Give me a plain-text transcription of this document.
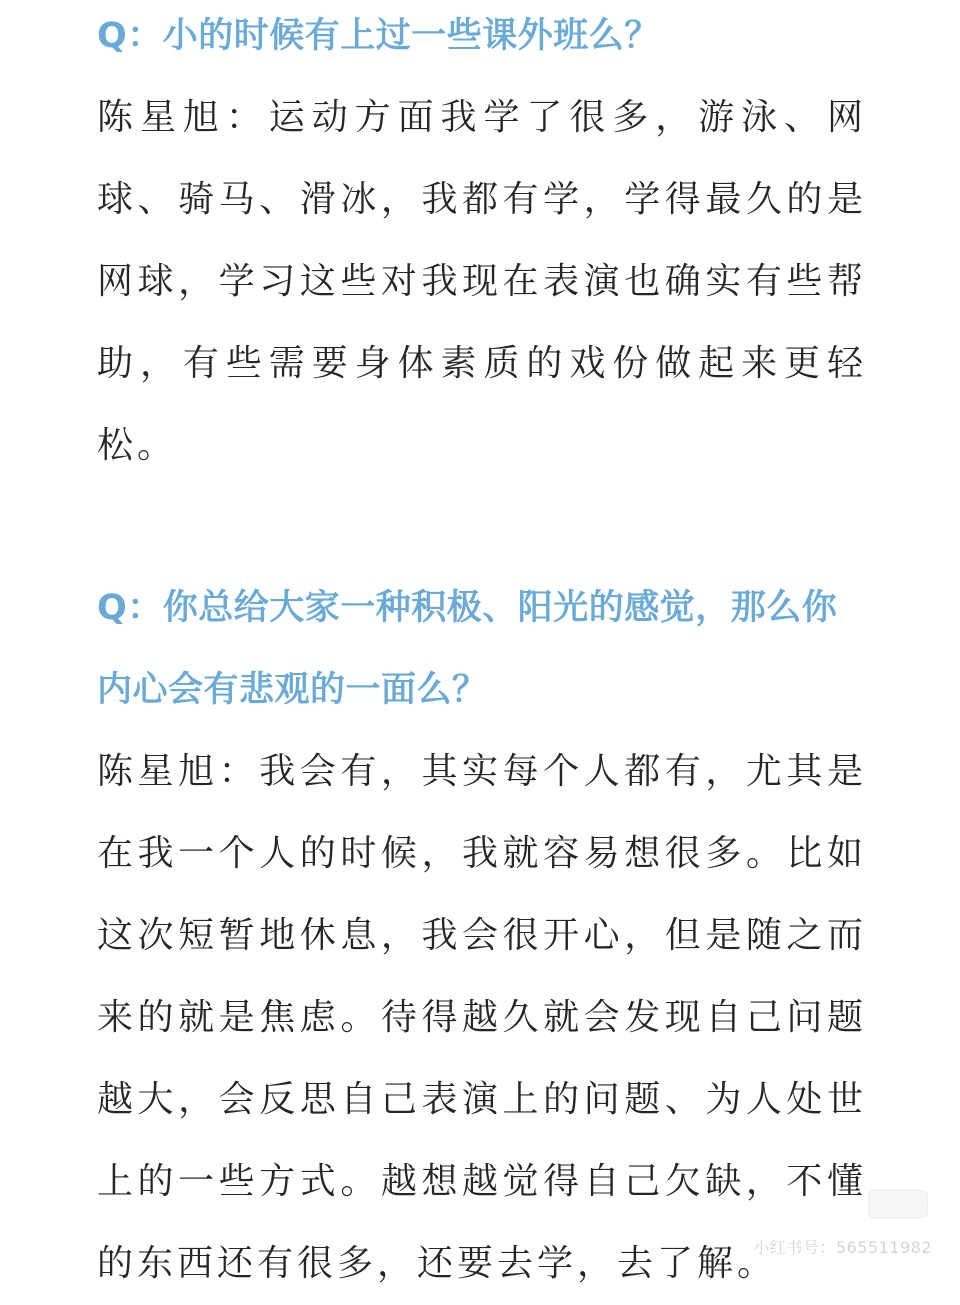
Q：小的时候有上过一些课外班么？

陈星旭：运动方面我学了很多，游泳、网球、骑马、滑冰，我都有学，学得最久的是网球，学习这些对我现在表演也确实有些帮助，有些需要身体素质的戏份做起来更轻松。

Q：你总给大家一种积极、阳光的感觉，那么你内心会有悲观的一面么？

陈星旭：我会有，其实每个人都有，尤其是在我一个人的时候，我就容易想很多。比如这次短暂地休息，我会很开心，但是随之而来的就是焦虑。待得越久就会发现自己问题越大，会反思自己表演上的问题、为人处世上的一些方式。越想越觉得自己欠缺，不懂的东西还有很多，还要去学，去了解。

小红书号：565511982
